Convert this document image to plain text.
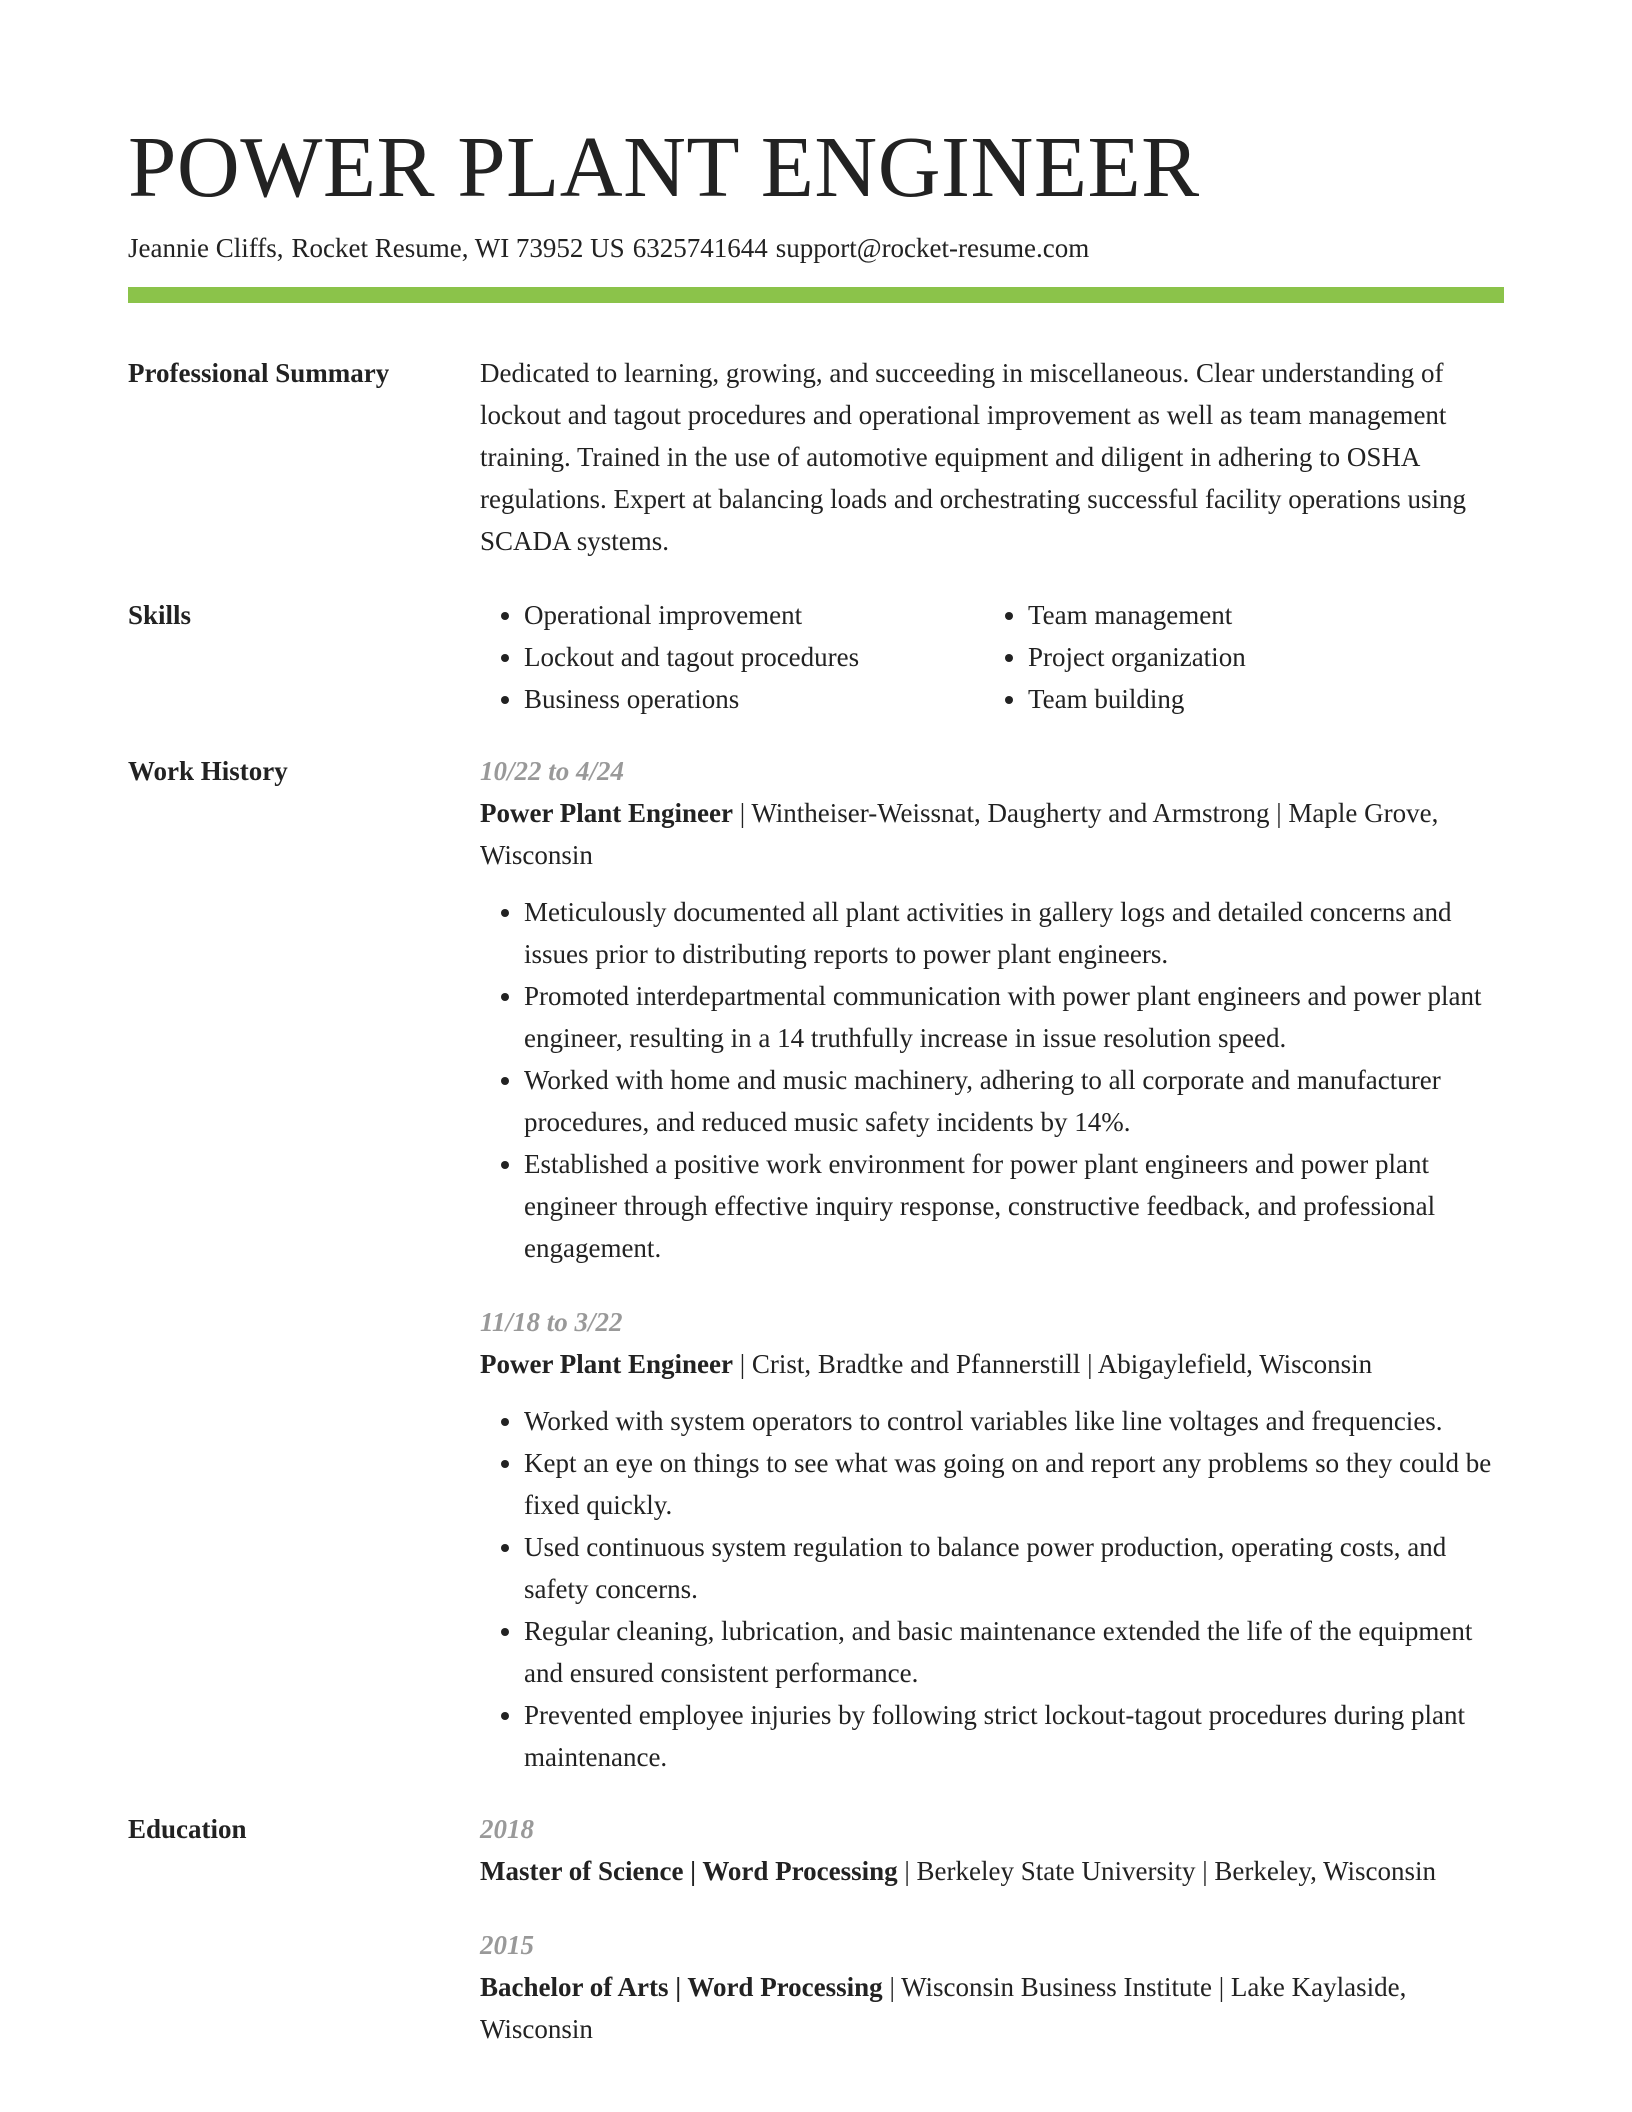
POWER PLANT ENGINEER
Jeannie Cliffs, Rocket Resume, WI 73952 US 6325741644 support@rocket-resume.com
Professional Summary	Dedicated to learning, growing, and succeeding in miscellaneous. Clear understanding of lockout and tagout procedures and operational improvement as well as team management training. Trained in the use of automotive equipment and diligent in adhering to OSHA regulations. Expert at balancing loads and orchestrating successful facility operations using SCADA systems.

Skills
•	Operational improvement
• Lockout and tagout procedures
• Business operations
• Team management
• Project organization
• Team building
Work History	10/22 to 4/24

Power Plant Engineer | Wintheiser-Weissnat, Daugherty and Armstrong | Maple Grove, Wisconsin

• Meticulously documented all plant activities in gallery logs and detailed concerns and issues prior to distributing reports to power plant engineers.
• Promoted interdepartmental communication with power plant engineers and power plant engineer, resulting in a 14 truthfully increase in issue resolution speed.
• Worked with home and music machinery, adhering to all corporate and manufacturer procedures, and reduced music safety incidents by 14%.
• Established a positive work environment for power plant engineers and power plant engineer through effective inquiry response, constructive feedback, and professional engagement.
11/18 to 3/22

Power Plant Engineer | Crist, Bradtke and Pfannerstill | Abigaylefield, Wisconsin

• Worked with system operators to control variables like line voltages and frequencies.
• Kept an eye on things to see what was going on and report any problems so they could be fixed quickly.
• Used continuous system regulation to balance power production, operating costs, and safety concerns.
• Regular cleaning, lubrication, and basic maintenance extended the life of the equipment and ensured consistent performance.
• Prevented employee injuries by following strict lockout-tagout procedures during plant maintenance.
Education	2018

Master of Science | Word Processing | Berkeley State University | Berkeley, Wisconsin

2015

Bachelor of Arts | Word Processing | Wisconsin Business Institute | Lake Kaylaside, Wisconsin
